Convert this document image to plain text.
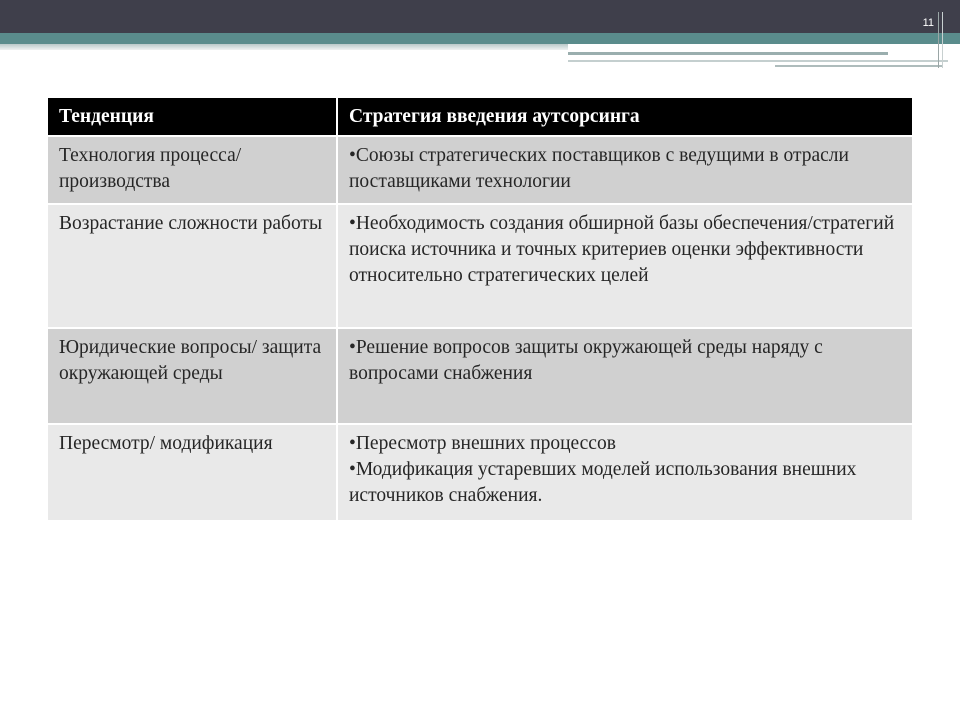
11
Тенденция	Стратегия введения аутсорсинга
Технология процесса/производства	•Союзы стратегических поставщиков с ведущими в отрасли поставщиками технологии

Возрастание сложности работы	•Необходимость создания обширной базы обеспечения/стратегий поиска источника и точных критериев оценки эффективности относительно стратегических целей

Юридические вопросы/ защита окружающей среды	•Решение вопросов защиты окружающей среды наряду с вопросами снабжения

Пересмотр/ модификация	•Пересмотр внешних процессов
•Модификация устаревших моделей использования внешних источников снабжения.
